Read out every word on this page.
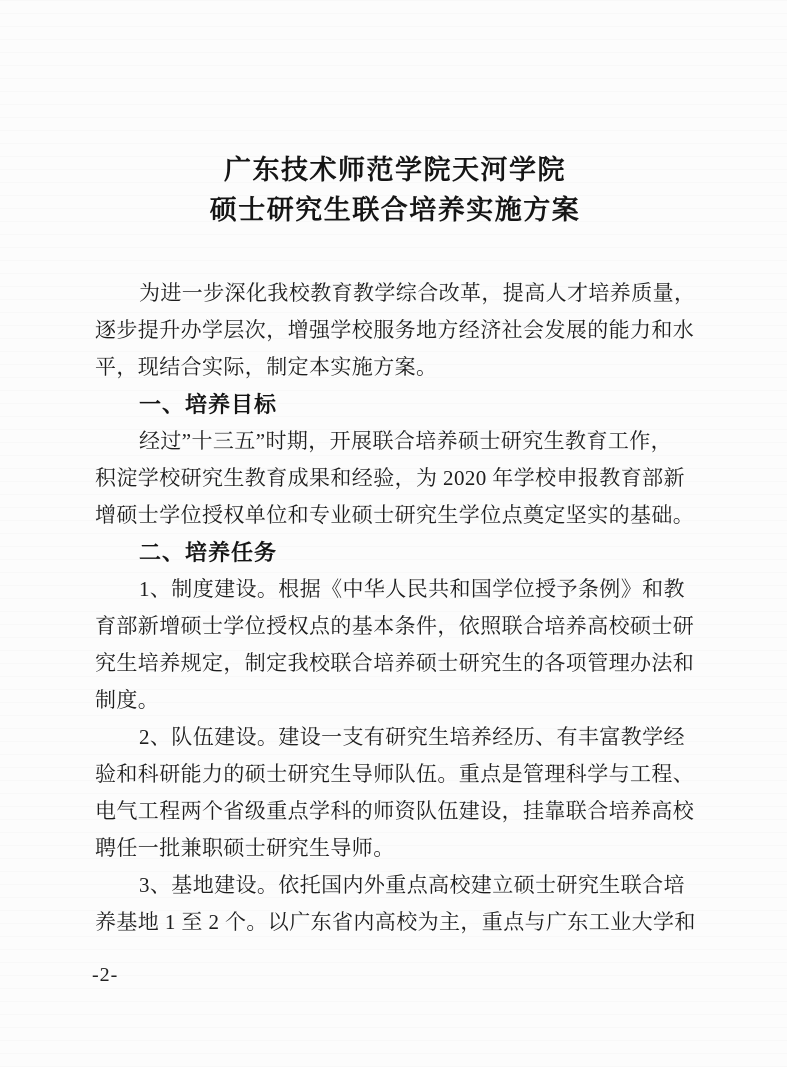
广东技术师范学院天河学院
硕士研究生联合培养实施方案
为进一步深化我校教育教学综合改革，提高人才培养质量，
逐步提升办学层次，增强学校服务地方经济社会发展的能力和水
平，现结合实际，制定本实施方案。
一、培养目标
经过”十三五”时期，开展联合培养硕士研究生教育工作，
积淀学校研究生教育成果和经验，为 2020 年学校申报教育部新
增硕士学位授权单位和专业硕士研究生学位点奠定坚实的基础。
二、培养任务
1、制度建设。根据《中华人民共和国学位授予条例》和教
育部新增硕士学位授权点的基本条件，依照联合培养高校硕士研
究生培养规定，制定我校联合培养硕士研究生的各项管理办法和
制度。
2、队伍建设。建设一支有研究生培养经历、有丰富教学经
验和科研能力的硕士研究生导师队伍。重点是管理科学与工程、
电气工程两个省级重点学科的师资队伍建设，挂靠联合培养高校
聘任一批兼职硕士研究生导师。
3、基地建设。依托国内外重点高校建立硕士研究生联合培
养基地 1 至 2 个。以广东省内高校为主，重点与广东工业大学和
-2-
